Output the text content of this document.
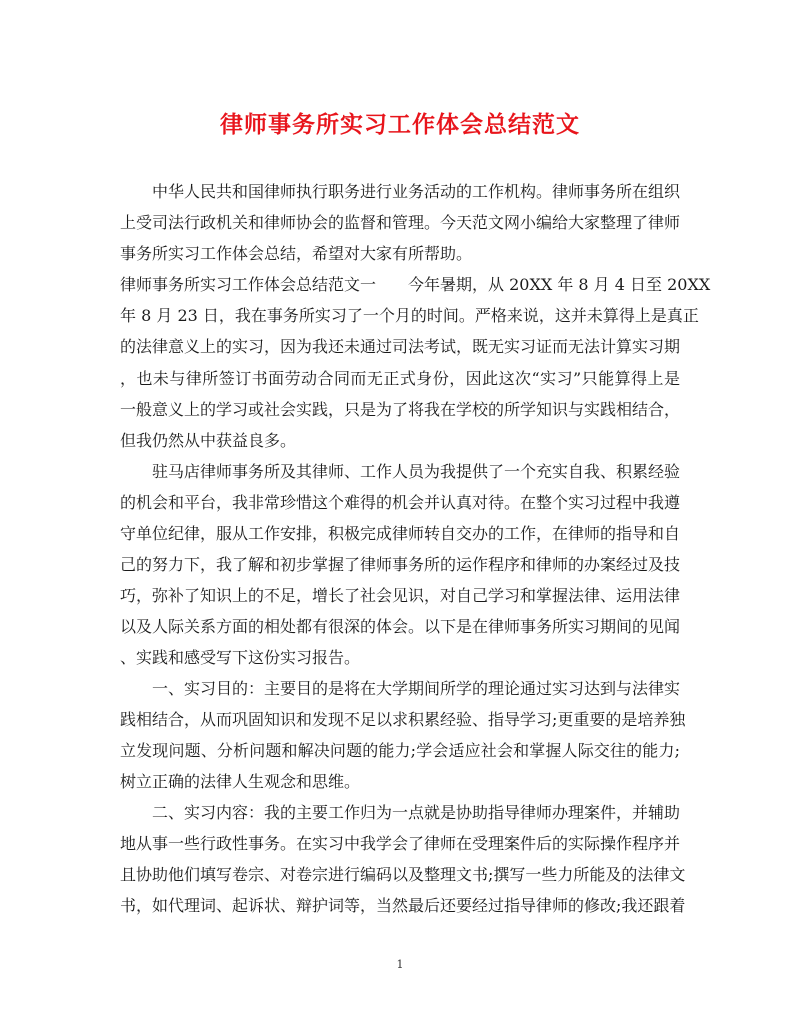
律师事务所实习工作体会总结范文
中华人民共和国律师执行职务进行业务活动的工作机构。律师事务所在组织
上受司法行政机关和律师协会的监督和管理。今天范文网小编给大家整理了律师
事务所实习工作体会总结，希望对大家有所帮助。
律师事务所实习工作体会总结范文一　　今年暑期，从 20XX 年 8 月 4 日至 20XX
年 8 月 23 日，我在事务所实习了一个月的时间。严格来说，这并未算得上是真正
的法律意义上的实习，因为我还未通过司法考试，既无实习证而无法计算实习期
，也未与律所签订书面劳动合同而无正式身份，因此这次“实习”只能算得上是
一般意义上的学习或社会实践，只是为了将我在学校的所学知识与实践相结合，
但我仍然从中获益良多。
驻马店律师事务所及其律师、工作人员为我提供了一个充实自我、积累经验
的机会和平台，我非常珍惜这个难得的机会并认真对待。在整个实习过程中我遵
守单位纪律，服从工作安排，积极完成律师转自交办的工作，在律师的指导和自
己的努力下，我了解和初步掌握了律师事务所的运作程序和律师的办案经过及技
巧，弥补了知识上的不足，增长了社会见识，对自己学习和掌握法律、运用法律
以及人际关系方面的相处都有很深的体会。以下是在律师事务所实习期间的见闻
、实践和感受写下这份实习报告。
一、实习目的：主要目的是将在大学期间所学的理论通过实习达到与法律实
践相结合，从而巩固知识和发现不足以求积累经验、指导学习;更重要的是培养独
立发现问题、分析问题和解决问题的能力;学会适应社会和掌握人际交往的能力;
树立正确的法律人生观念和思维。
二、实习内容：我的主要工作归为一点就是协助指导律师办理案件，并辅助
地从事一些行政性事务。在实习中我学会了律师在受理案件后的实际操作程序并
且协助他们填写卷宗、对卷宗进行编码以及整理文书;撰写一些力所能及的法律文
书，如代理词、起诉状、辩护词等，当然最后还要经过指导律师的修改;我还跟着
1
